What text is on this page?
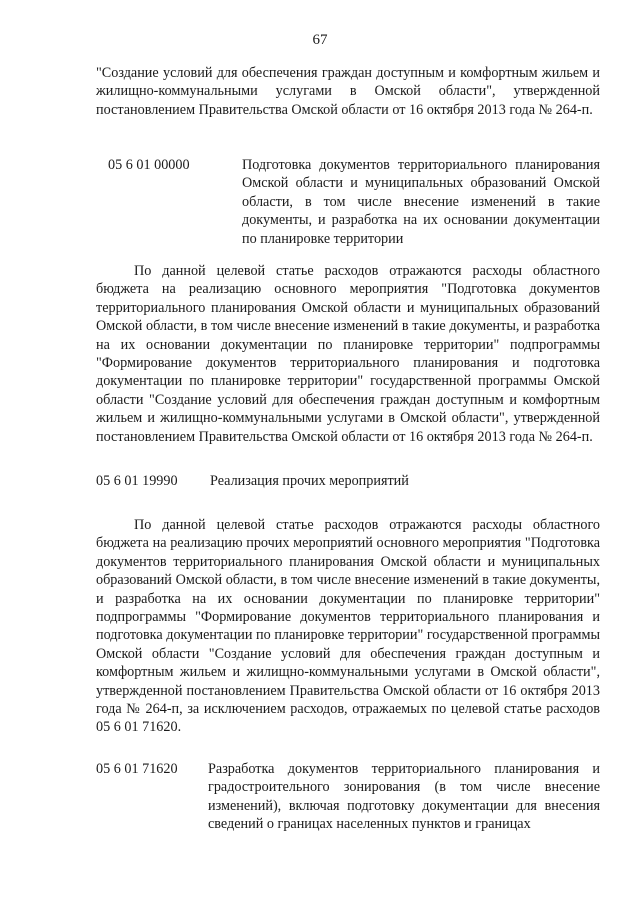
67

"Создание условий для обеспечения граждан доступным и комфортным жильем и жилищно-коммунальными услугами в Омской области", утвержденной постановлением Правительства Омской области от 16 октября 2013 года № 264-п.

05 6 01 00000	Подготовка документов территориального планирования Омской области и муниципальных образований Омской области, в том числе внесение изменений в такие документы, и разработка на их основании документации по планировке территории

По данной целевой статье расходов отражаются расходы областного бюджета на реализацию основного мероприятия "Подготовка документов территориального планирования Омской области и муниципальных образований Омской области, в том числе внесение изменений в такие документы, и разработка на их основании документации по планировке территории" подпрограммы "Формирование документов территориального планирования и подготовка документации по планировке территории" государственной программы Омской области "Создание условий для обеспечения граждан доступным и комфортным жильем и жилищно-коммунальными услугами в Омской области", утвержденной постановлением Правительства Омской области от 16 октября 2013 года № 264-п.

05 6 01 19990 Реализация прочих мероприятий

По данной целевой статье расходов отражаются расходы областного бюджета на реализацию прочих мероприятий основного мероприятия "Подготовка документов территориального планирования Омской области и муниципальных образований Омской области, в том числе внесение изменений в такие документы, и разработка на их основании документации по планировке территории" подпрограммы "Формирование документов территориального планирования и подготовка документации по планировке территории" государственной программы Омской области "Создание условий для обеспечения граждан доступным и комфортным жильем и жилищно-коммунальными услугами в Омской области", утвержденной постановлением Правительства Омской области от 16 октября 2013 года № 264-п, за исключением расходов, отражаемых по целевой статье расходов 05 6 01 71620.

05 6 01 71620 Разработка документов территориального планирования и градостроительного зонирования (в том числе внесение изменений), включая подготовку документации для внесения сведений о границах населенных пунктов и границах
